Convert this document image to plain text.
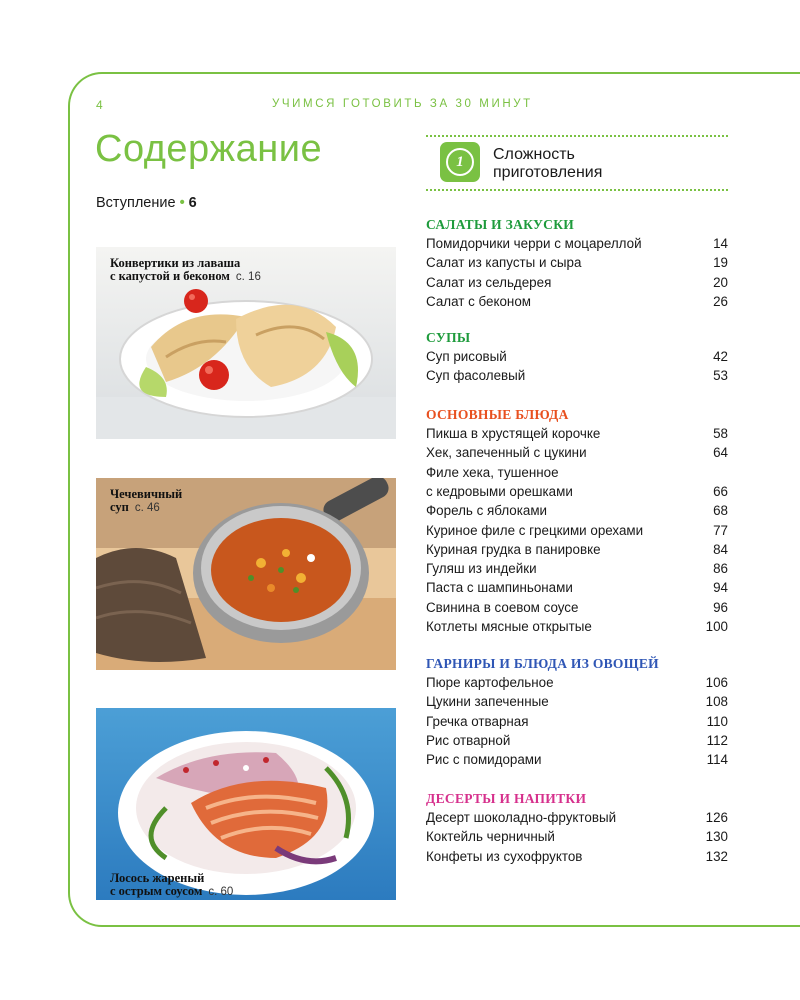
4	УЧИМСЯ ГОТОВИТЬ ЗА 30 МИНУТ
Содержание
Вступление • 6
Конвертики из лаваша
с капустой и беконом с. 16
Чечевичный
суп с. 46
Лосось жареный
с острым соусом с. 60
1	Сложность
приготовления
САЛАТЫ И ЗАКУСКИ
Помидорчики черри с моцареллой	14
Салат из капусты и сыра	19
Салат из сельдерея	20
Салат с беконом	26
СУПЫ
Суп рисовый	42
Суп фасолевый	53
ОСНОВНЫЕ БЛЮДА
Пикша в хрустящей корочке	58
Хек, запеченный с цукини	64
Филе хека, тушенное
с кедровыми орешками	66
Форель с яблоками	68
Куриное филе с грецкими орехами	77
Куриная грудка в панировке	84
Гуляш из индейки	86
Паста с шампиньонами	94
Свинина в соевом соусе	96
Котлеты мясные открытые	100
ГАРНИРЫ И БЛЮДА ИЗ ОВОЩЕЙ
Пюре картофельное	106
Цукини запеченные	108
Гречка отварная	110
Рис отварной	112
Рис с помидорами	114
ДЕСЕРТЫ И НАПИТКИ
Десерт шоколадно-фруктовый	126
Коктейль черничный	130
Конфеты из сухофруктов	132
